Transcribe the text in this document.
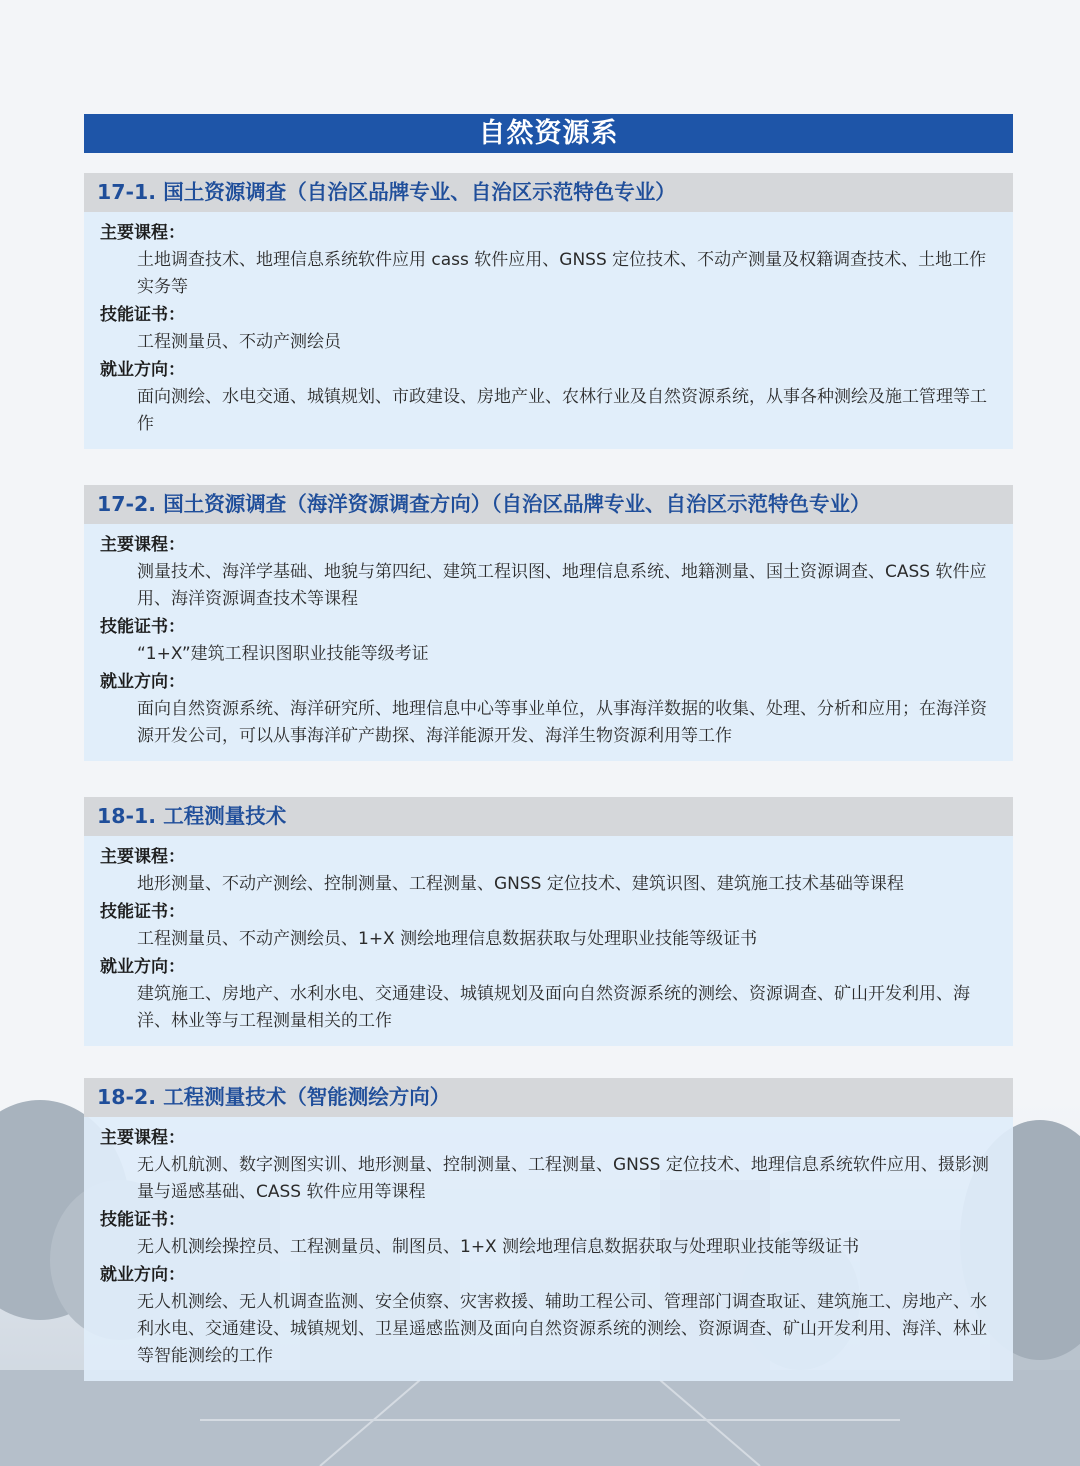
自然资源系
17-1. 国土资源调查（自治区品牌专业、自治区示范特色专业）
主要课程：
土地调查技术、地理信息系统软件应用 cass 软件应用、GNSS 定位技术、不动产测量及权籍调查技术、土地工作实务等
技能证书：
工程测量员、不动产测绘员
就业方向：
面向测绘、水电交通、城镇规划、市政建设、房地产业、农林行业及自然资源系统，从事各种测绘及施工管理等工作
17-2. 国土资源调查（海洋资源调查方向）（自治区品牌专业、自治区示范特色专业）
主要课程：
测量技术、海洋学基础、地貌与第四纪、建筑工程识图、地理信息系统、地籍测量、国土资源调查、CASS 软件应用、海洋资源调查技术等课程
技能证书：
“1+X”建筑工程识图职业技能等级考证
就业方向：
面向自然资源系统、海洋研究所、地理信息中心等事业单位，从事海洋数据的收集、处理、分析和应用；在海洋资源开发公司，可以从事海洋矿产勘探、海洋能源开发、海洋生物资源利用等工作
18-1. 工程测量技术
主要课程：
地形测量、不动产测绘、控制测量、工程测量、GNSS 定位技术、建筑识图、建筑施工技术基础等课程
技能证书：
工程测量员、不动产测绘员、1+X 测绘地理信息数据获取与处理职业技能等级证书
就业方向：
建筑施工、房地产、水利水电、交通建设、城镇规划及面向自然资源系统的测绘、资源调查、矿山开发利用、海洋、林业等与工程测量相关的工作
18-2. 工程测量技术（智能测绘方向）
主要课程：
无人机航测、数字测图实训、地形测量、控制测量、工程测量、GNSS 定位技术、地理信息系统软件应用、摄影测量与遥感基础、CASS 软件应用等课程
技能证书：
无人机测绘操控员、工程测量员、制图员、1+X 测绘地理信息数据获取与处理职业技能等级证书
就业方向：
无人机测绘、无人机调查监测、安全侦察、灾害救援、辅助工程公司、管理部门调查取证、建筑施工、房地产、水利水电、交通建设、城镇规划、卫星遥感监测及面向自然资源系统的测绘、资源调查、矿山开发利用、海洋、林业等智能测绘的工作
